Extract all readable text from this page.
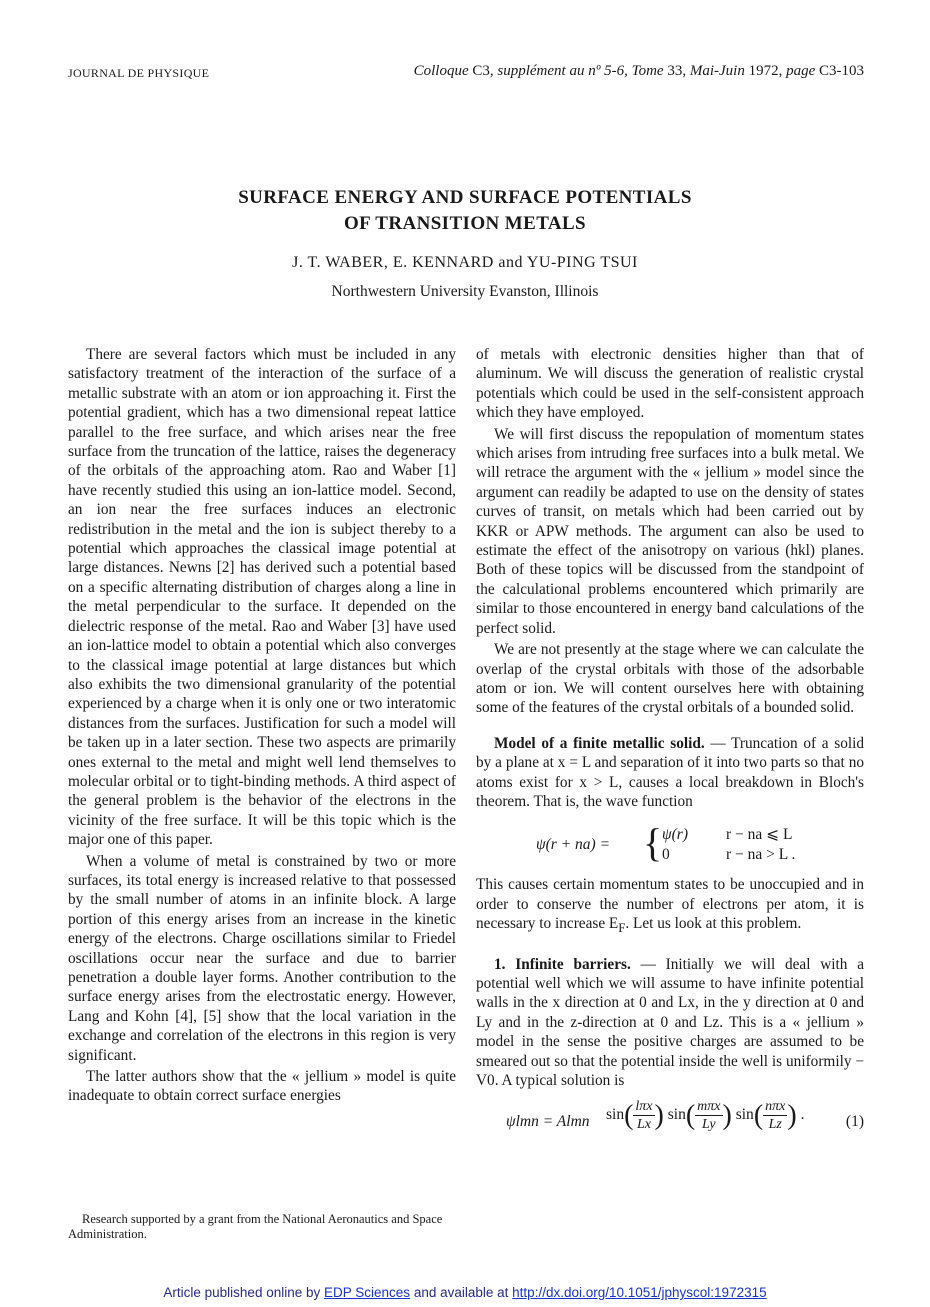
JOURNAL DE PHYSIQUE	Colloque C3, supplément au nº 5-6, Tome 33, Mai-Juin 1972, page C3-103
SURFACE ENERGY AND SURFACE POTENTIALS
OF TRANSITION METALS
J. T. WABER, E. KENNARD and YU-PING TSUI
Northwestern University Evanston, Illinois

There are several factors which must be included in any satisfactory treatment of the interaction of the surface of a metallic substrate with an atom or ion approaching it. First the potential gradient, which has a two dimensional repeat lattice parallel to the free surface, and which arises near the free surface from the truncation of the lattice, raises the degeneracy of the orbitals of the approaching atom. Rao and Waber [1] have recently studied this using an ion-lattice model. Second, an ion near the free surfaces induces an electronic redistribution in the metal and the ion is subject thereby to a potential which approaches the classical image potential at large distances. Newns [2] has derived such a potential based on a specific alternating distribution of charges along a line in the metal perpendicular to the surface. It depended on the dielectric response of the metal. Rao and Waber [3] have used an ion-lattice model to obtain a potential which also converges to the classical image potential at large distances but which also exhibits the two dimensional granularity of the potential experienced by a charge when it is only one or two interatomic distances from the surfaces. Justification for such a model will be taken up in a later section. These two aspects are primarily ones external to the metal and might well lend themselves to molecular orbital or to tight-binding methods. A third aspect of the general problem is the behavior of the electrons in the vicinity of the free surface. It will be this topic which is the major one of this paper.

When a volume of metal is constrained by two or more surfaces, its total energy is increased relative to that possessed by the small number of atoms in an infinite block. A large portion of this energy arises from an increase in the kinetic energy of the electrons. Charge oscillations similar to Friedel oscillations occur near the surface and due to barrier penetration a double layer forms. Another contribution to the surface energy arises from the electrostatic energy. However, Lang and Kohn [4], [5] show that the local variation in the exchange and correlation of the electrons in this region is very significant.

The latter authors show that the « jellium » model is quite inadequate to obtain correct surface energies

of metals with electronic densities higher than that of aluminum. We will discuss the generation of realistic crystal potentials which could be used in the self-consistent approach which they have employed.

We will first discuss the repopulation of momentum states which arises from intruding free surfaces into a bulk metal. We will retrace the argument with the « jellium » model since the argument can readily be adapted to use on the density of states curves of transit, on metals which had been carried out by KKR or APW methods. The argument can also be used to estimate the effect of the anisotropy on various (hkl) planes. Both of these topics will be discussed from the standpoint of the calculational problems encountered which primarily are similar to those encountered in energy band calculations of the perfect solid.

We are not presently at the stage where we can calculate the overlap of the crystal orbitals with those of the adsorbable atom or ion. We will content ourselves here with obtaining some of the features of the crystal orbitals of a bounded solid.

Model of a finite metallic solid. — Truncation of a solid by a plane at x = L and separation of it into two parts so that no atoms exist for x > L, causes a local breakdown in Bloch's theorem. That is, the wave function

ψ(r + na) = { ψ(r)
0
r − na ⩽ L
r − na > L .

This causes certain momentum states to be unoccupied and in order to conserve the number of electrons per atom, it is necessary to increase $E_F$. Let us look at this problem.

1. Infinite barriers. — Initially we will deal with a potential well which we will assume to have infinite potential walls in the x direction at 0 and Lx, in the y direction at 0 and Ly and in the z-direction at 0 and Lz. This is a « jellium » model in the sense the positive charges are assumed to be smeared out so that the potential inside the well is uniformily − V0. A typical solution is

ψlmn = Almn $\sin( \frac{\text{lπx}}{Lx}$ ) $\sin( \frac{\text{mπx}}{Ly}$ ) $\sin( \frac{\text{nπx}}{Lz}$ ) .	(1)
Research supported by a grant from the National Aeronautics and Space Administration.
Article published online by EDP Sciences and available at http://dx.doi.org/10.1051/jphyscol:1972315
